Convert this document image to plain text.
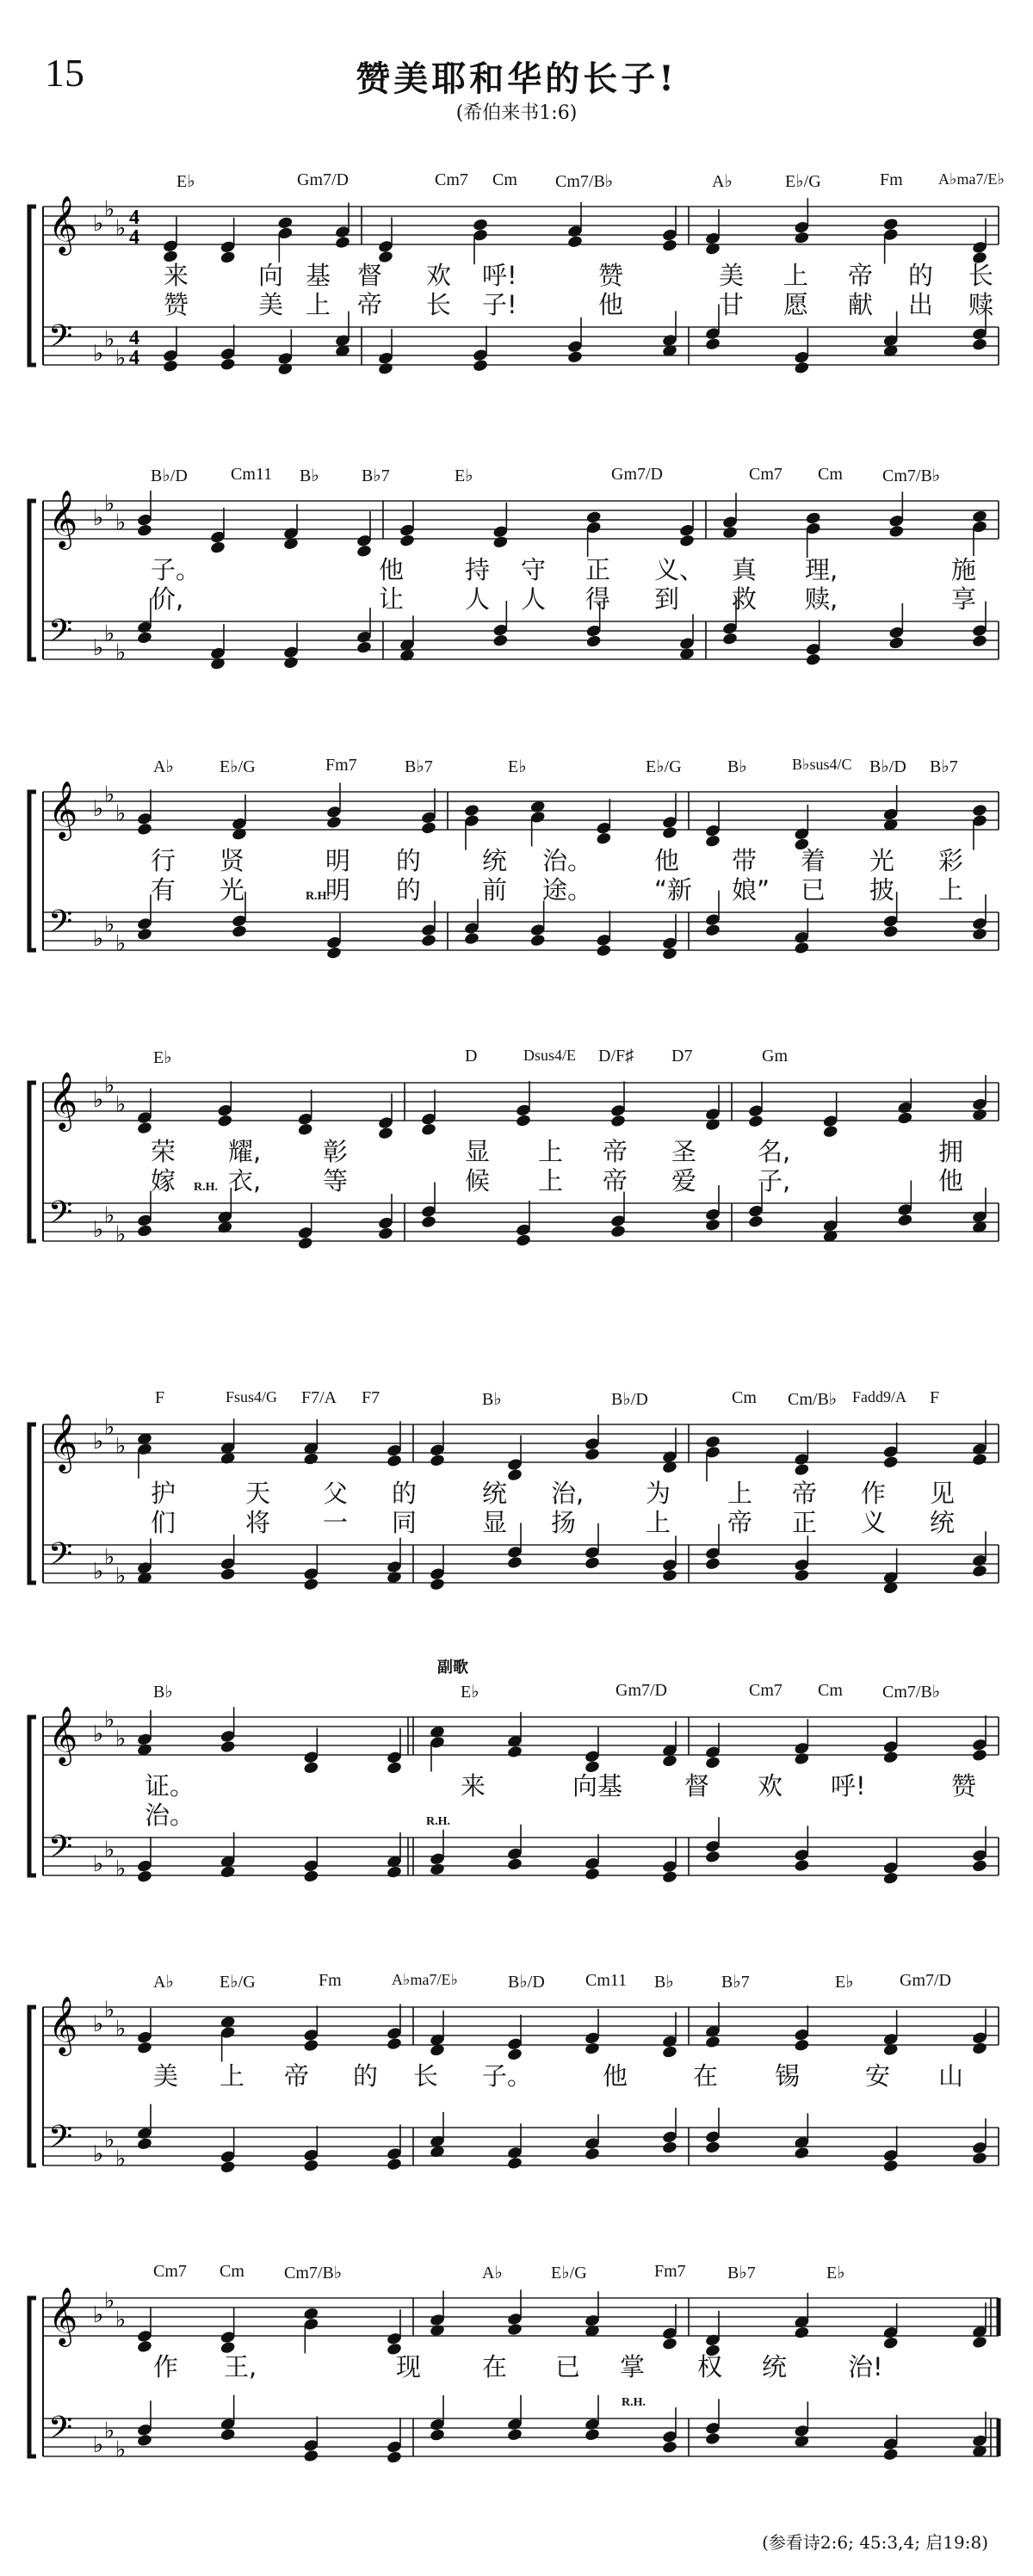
15	赞美耶和华的长子!
(希伯来书1:6)
(参看诗2:6; 45:3,4; 启19:8)
𝄞 ♭
♭
♭ 4
4
𝄢 ♭
♭
♭
4
4
E♭	Gm7/D	Cm7 Cm Cm7/B♭	A♭	E♭/G	Fm A♭ma7/E♭
来	向 基 督 欢 呼!	赞	美 上 帝 的 长
赞	美 上 帝 长 子!	他	甘 愿 献 出 赎
𝄞 ♭
♭
♭
𝄢 ♭
♭
♭
B♭/D	Cm11 B♭ B♭7	E♭	Gm7/D	Cm7 Cm Cm7/B♭
子。	他 持 守 正 义、 真 理,	施
价,	让 人 人 得 到 救 赎,	享
𝄞 ♭
♭
♭
𝄢 ♭
♭
♭
A♭	E♭/G	Fm7	B♭7	E♭	E♭/G	B♭	B♭sus4/C B♭/D B♭7
行 贤	明 的 统 治。 他 带 着 光 彩
有 光	明 的 前 途。 “新 娘” 已 披 上
R.H.
𝄞 ♭
♭
♭
𝄢 ♭
♭
♭
E♭	D	Dsus4/E D/F♯ D7	Gm
荣 耀, 彰	显 上 帝 圣 名,	拥
嫁 衣, 等	候 上 帝 爱 子,	他
R.H.
𝄞 ♭
♭
♭
𝄢 ♭
♭
♭
F	Fsus4/G F7/A F7	B♭	B♭/D	Cm Cm/B♭ Fadd9/A F
护	天 父 的	统 治, 为 上 帝 作 见
们	将 一 同	显 扬	上 帝 正 义 统
𝄞 ♭
♭
♭
𝄢 ♭
♭
♭
B♭	E♭	Gm7/D	Cm7 Cm Cm7/B♭
证。	来	向基 督 欢 呼!	赞
治。
副歌
R.H.
𝄞 ♭
♭
♭
𝄢 ♭
♭
♭
A♭	E♭/G	Fm	A♭ma7/E♭	B♭/D Cm11 B♭	B♭7	E♭	Gm7/D
美 上 帝 的 长 子。	他	在 锡	安 山
𝄞 ♭
♭
♭
𝄢 ♭
♭
♭
Cm7 Cm Cm7/B♭	A♭	E♭/G	Fm7 B♭7	E♭
作 王,	现 在 已 掌 权 统 治!
R.H.
